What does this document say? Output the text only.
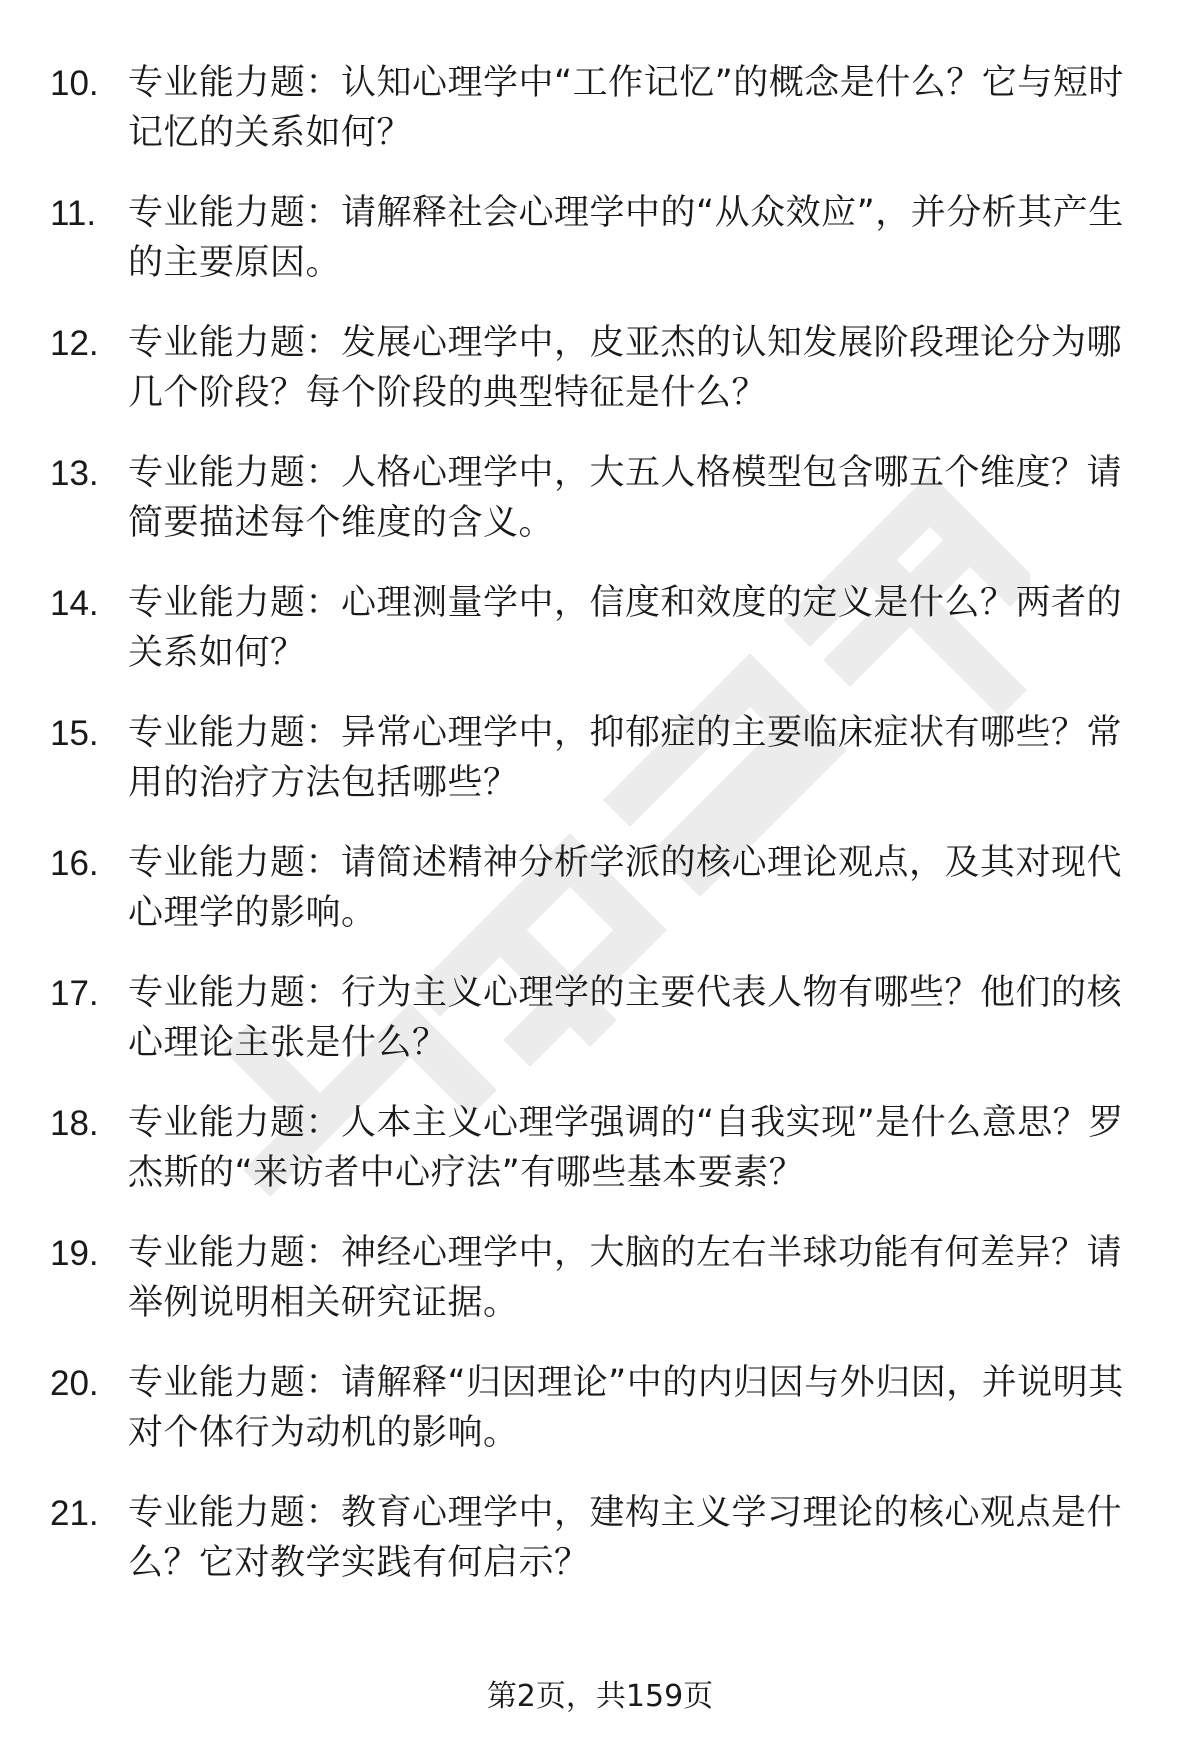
10. 专业能力题：认知心理学中“工作记忆”的概念是什么？它与短时记忆的关系如何？
11. 专业能力题：请解释社会心理学中的“从众效应”，并分析其产生的主要原因。
12. 专业能力题：发展心理学中，皮亚杰的认知发展阶段理论分为哪几个阶段？每个阶段的典型特征是什么？
13. 专业能力题：人格心理学中，大五人格模型包含哪五个维度？请简要描述每个维度的含义。
14. 专业能力题：心理测量学中，信度和效度的定义是什么？两者的关系如何？
15. 专业能力题：异常心理学中，抑郁症的主要临床症状有哪些？常用的治疗方法包括哪些？
16. 专业能力题：请简述精神分析学派的核心理论观点，及其对现代心理学的影响。
17. 专业能力题：行为主义心理学的主要代表人物有哪些？他们的核心理论主张是什么？
18. 专业能力题：人本主义心理学强调的“自我实现”是什么意思？罗杰斯的“来访者中心疗法”有哪些基本要素？
19. 专业能力题：神经心理学中，大脑的左右半球功能有何差异？请举例说明相关研究证据。
20. 专业能力题：请解释“归因理论”中的内归因与外归因，并说明其对个体行为动机的影响。
21. 专业能力题：教育心理学中，建构主义学习理论的核心观点是什么？它对教学实践有何启示？
第2页，共159页
